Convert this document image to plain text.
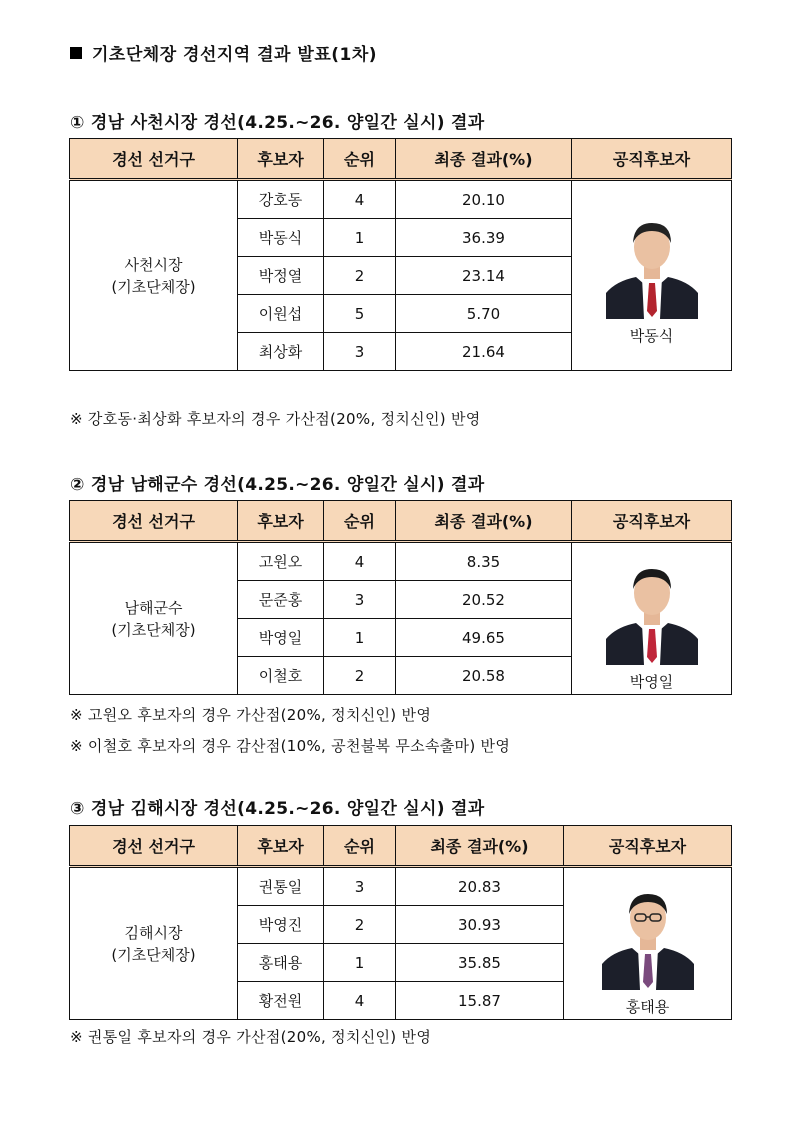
기초단체장 경선지역 결과 발표(1차)
① 경남 사천시장 경선(4.25.~26. 양일간 실시) 결과
경선 선거구	후보자	순위	최종 결과(%)	공직후보자
사천시장
(기초단체장)	강호동	4	20.10	박동식

	박동식	1	36.39	
	박정열	2	23.14	
	이원섭	5	5.70	
	최상화	3	21.64	
※ 강호동·최상화 후보자의 경우 가산점(20%, 정치신인) 반영
② 경남 남해군수 경선(4.25.~26. 양일간 실시) 결과
경선 선거구	후보자	순위	최종 결과(%)	공직후보자
남해군수
(기초단체장)	고원오	4	8.35	박영일

	문준홍	3	20.52	
	박영일	1	49.65	
	이철호	2	20.58	
※ 고원오 후보자의 경우 가산점(20%, 정치신인) 반영
※ 이철호 후보자의 경우 감산점(10%, 공천불복 무소속출마) 반영
③ 경남 김해시장 경선(4.25.~26. 양일간 실시) 결과
경선 선거구	후보자	순위	최종 결과(%)	공직후보자
김해시장
(기초단체장)	권통일	3	20.83	홍태용

	박영진	2	30.93	
	홍태용	1	35.85	
	황전원	4	15.87	
※ 권통일 후보자의 경우 가산점(20%, 정치신인) 반영
